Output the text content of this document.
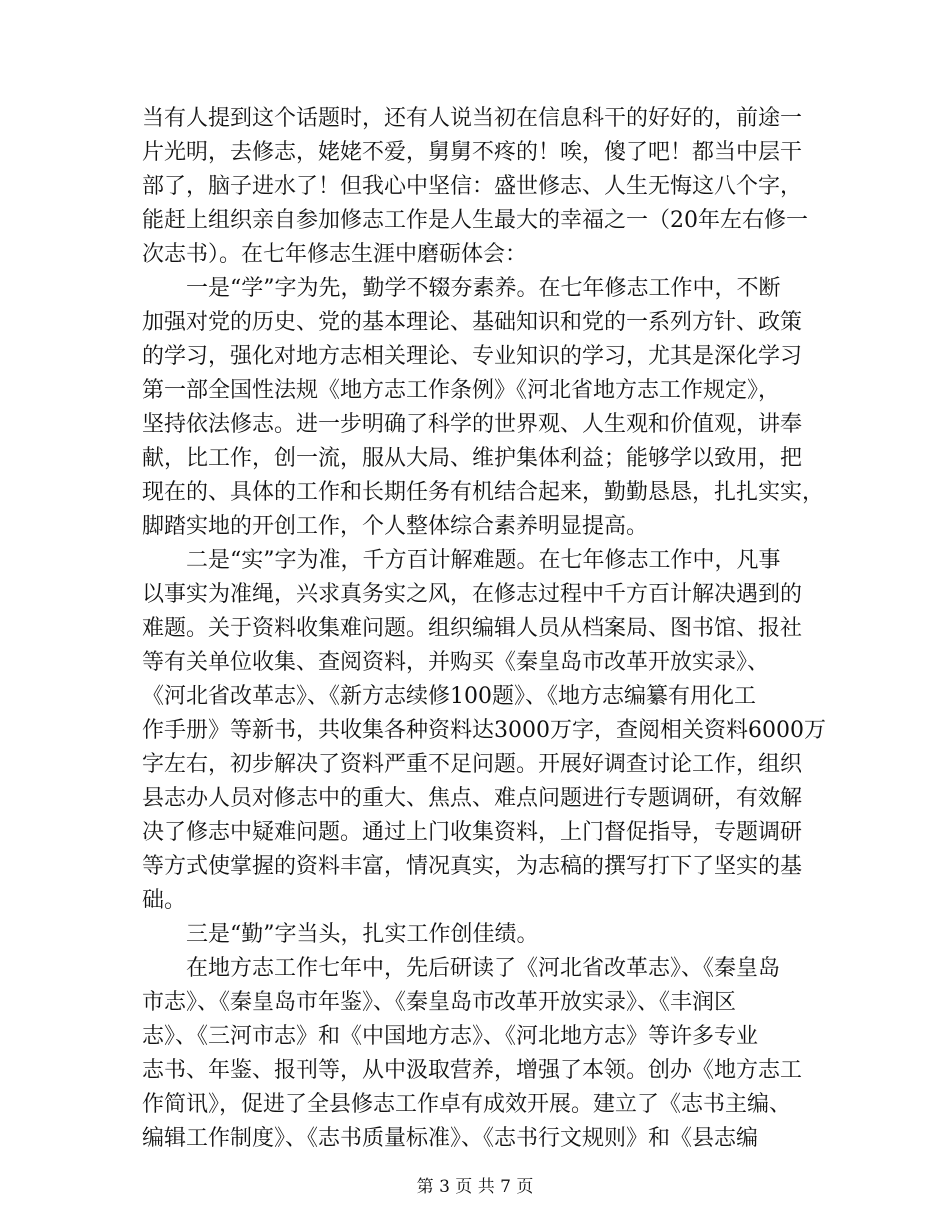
当有人提到这个话题时，还有人说当初在信息科干的好好的，前途一
片光明，去修志，姥姥不爱，舅舅不疼的！唉，傻了吧！都当中层干
部了，脑子进水了！但我心中坚信：盛世修志、人生无悔这八个字，
能赶上组织亲自参加修志工作是人生最大的幸福之一（20年左右修一
次志书）。在七年修志生涯中磨砺体会：
一是“学”字为先，勤学不辍夯素养。在七年修志工作中，不断
加强对党的历史、党的基本理论、基础知识和党的一系列方针、政策
的学习，强化对地方志相关理论、专业知识的学习，尤其是深化学习
第一部全国性法规《地方志工作条例》《河北省地方志工作规定》，
坚持依法修志。进一步明确了科学的世界观、人生观和价值观，讲奉
献，比工作，创一流，服从大局、维护集体利益；能够学以致用，把
现在的、具体的工作和长期任务有机结合起来，勤勤恳恳，扎扎实实，
脚踏实地的开创工作，个人整体综合素养明显提高。
二是“实”字为准，千方百计解难题。在七年修志工作中，凡事
以事实为准绳，兴求真务实之风，在修志过程中千方百计解决遇到的
难题。关于资料收集难问题。组织编辑人员从档案局、图书馆、报社
等有关单位收集、查阅资料，并购买《秦皇岛市改革开放实录》、
《河北省改革志》、《新方志续修100题》、《地方志编纂有用化工
作手册》等新书，共收集各种资料达3000万字，查阅相关资料6000万
字左右，初步解决了资料严重不足问题。开展好调查讨论工作，组织
县志办人员对修志中的重大、焦点、难点问题进行专题调研，有效解
决了修志中疑难问题。通过上门收集资料，上门督促指导，专题调研
等方式使掌握的资料丰富，情况真实，为志稿的撰写打下了坚实的基
础。
三是“勤”字当头，扎实工作创佳绩。
在地方志工作七年中，先后研读了《河北省改革志》、《秦皇岛
市志》、《秦皇岛市年鉴》、《秦皇岛市改革开放实录》、《丰润区
志》、《三河市志》和《中国地方志》、《河北地方志》等许多专业
志书、年鉴、报刊等，从中汲取营养，增强了本领。创办《地方志工
作简讯》，促进了全县修志工作卓有成效开展。建立了《志书主编、
编辑工作制度》、《志书质量标准》、《志书行文规则》和《县志编
第 3 页 共 7 页
